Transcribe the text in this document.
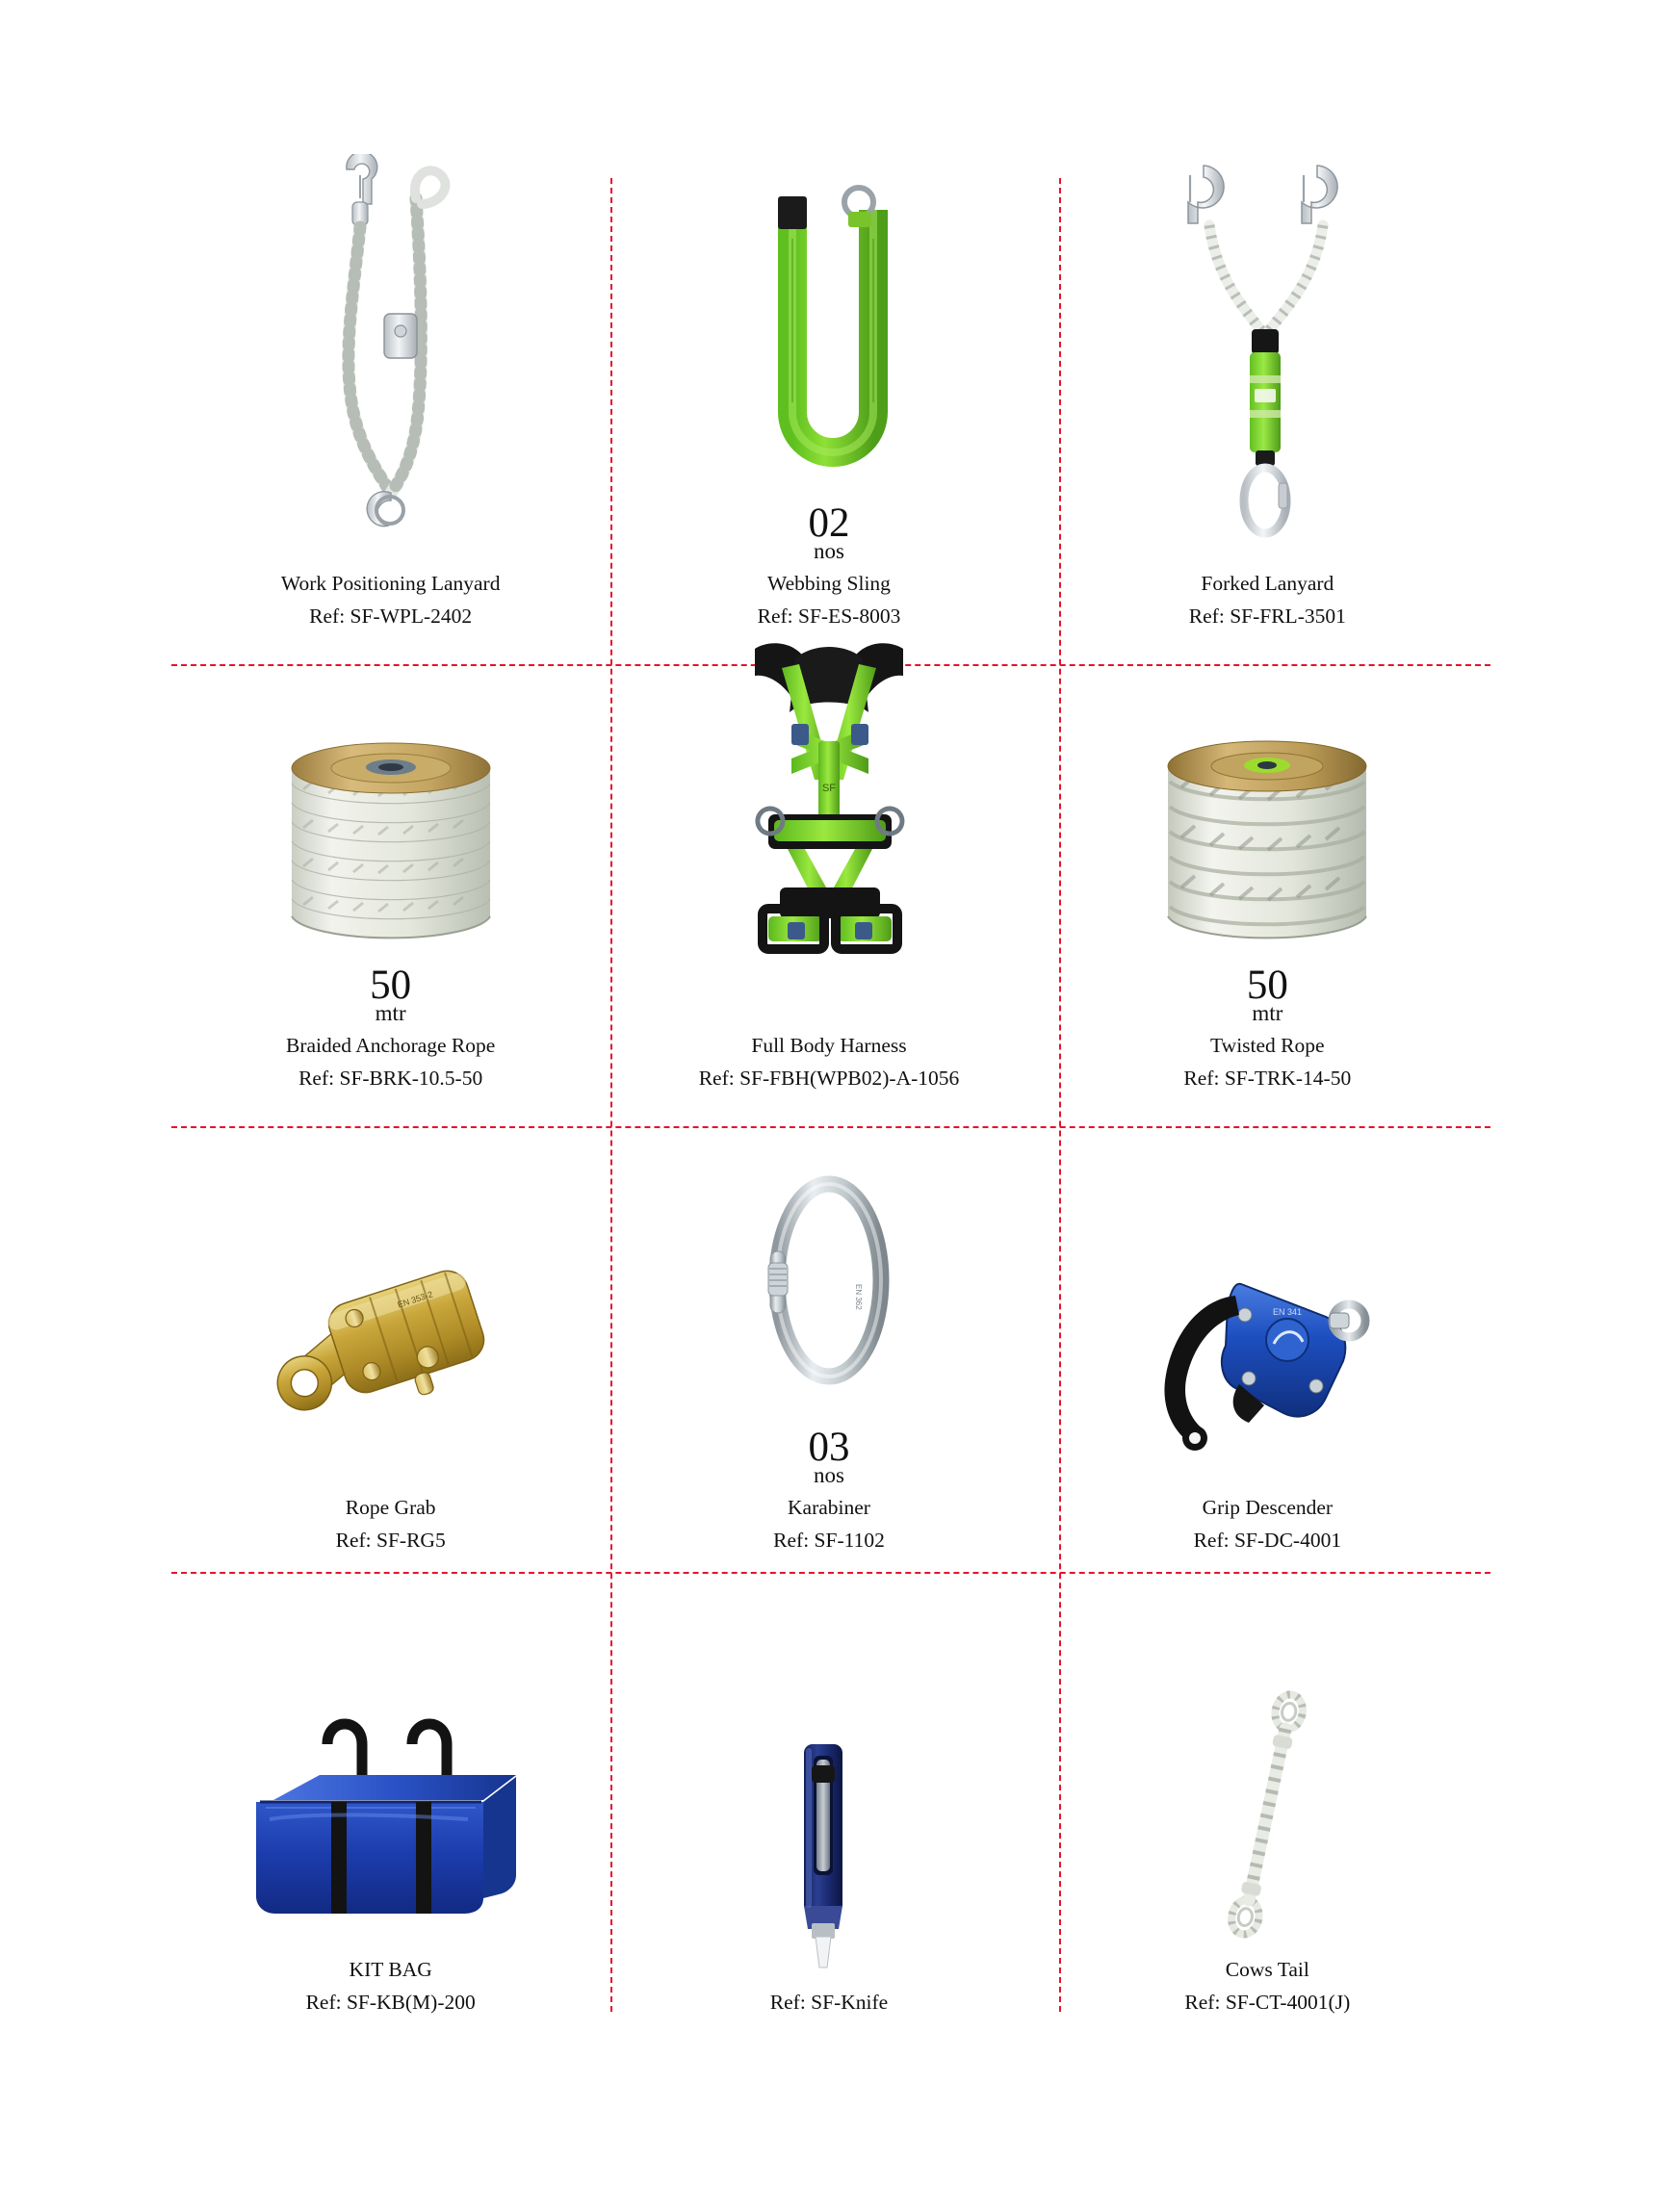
Work Positioning Lanyard
Ref: SF-WPL-2402
02
nos
Webbing Sling
Ref: SF-ES-8003
Forked Lanyard
Ref: SF-FRL-3501
50
mtr
Braided Anchorage Rope
Ref: SF-BRK-10.5-50
SF
Full Body Harness
Ref: SF-FBH(WPB02)-A-1056
50
mtr
Twisted Rope
Ref: SF-TRK-14-50
EN 353-2
Rope Grab
Ref: SF-RG5
EN 362
03
nos
Karabiner
Ref: SF-1102
EN 341
Grip Descender
Ref: SF-DC-4001
KIT BAG
Ref: SF-KB(M)-200	Ref: SF-Knife
Cows Tail
Ref: SF-CT-4001(J)
